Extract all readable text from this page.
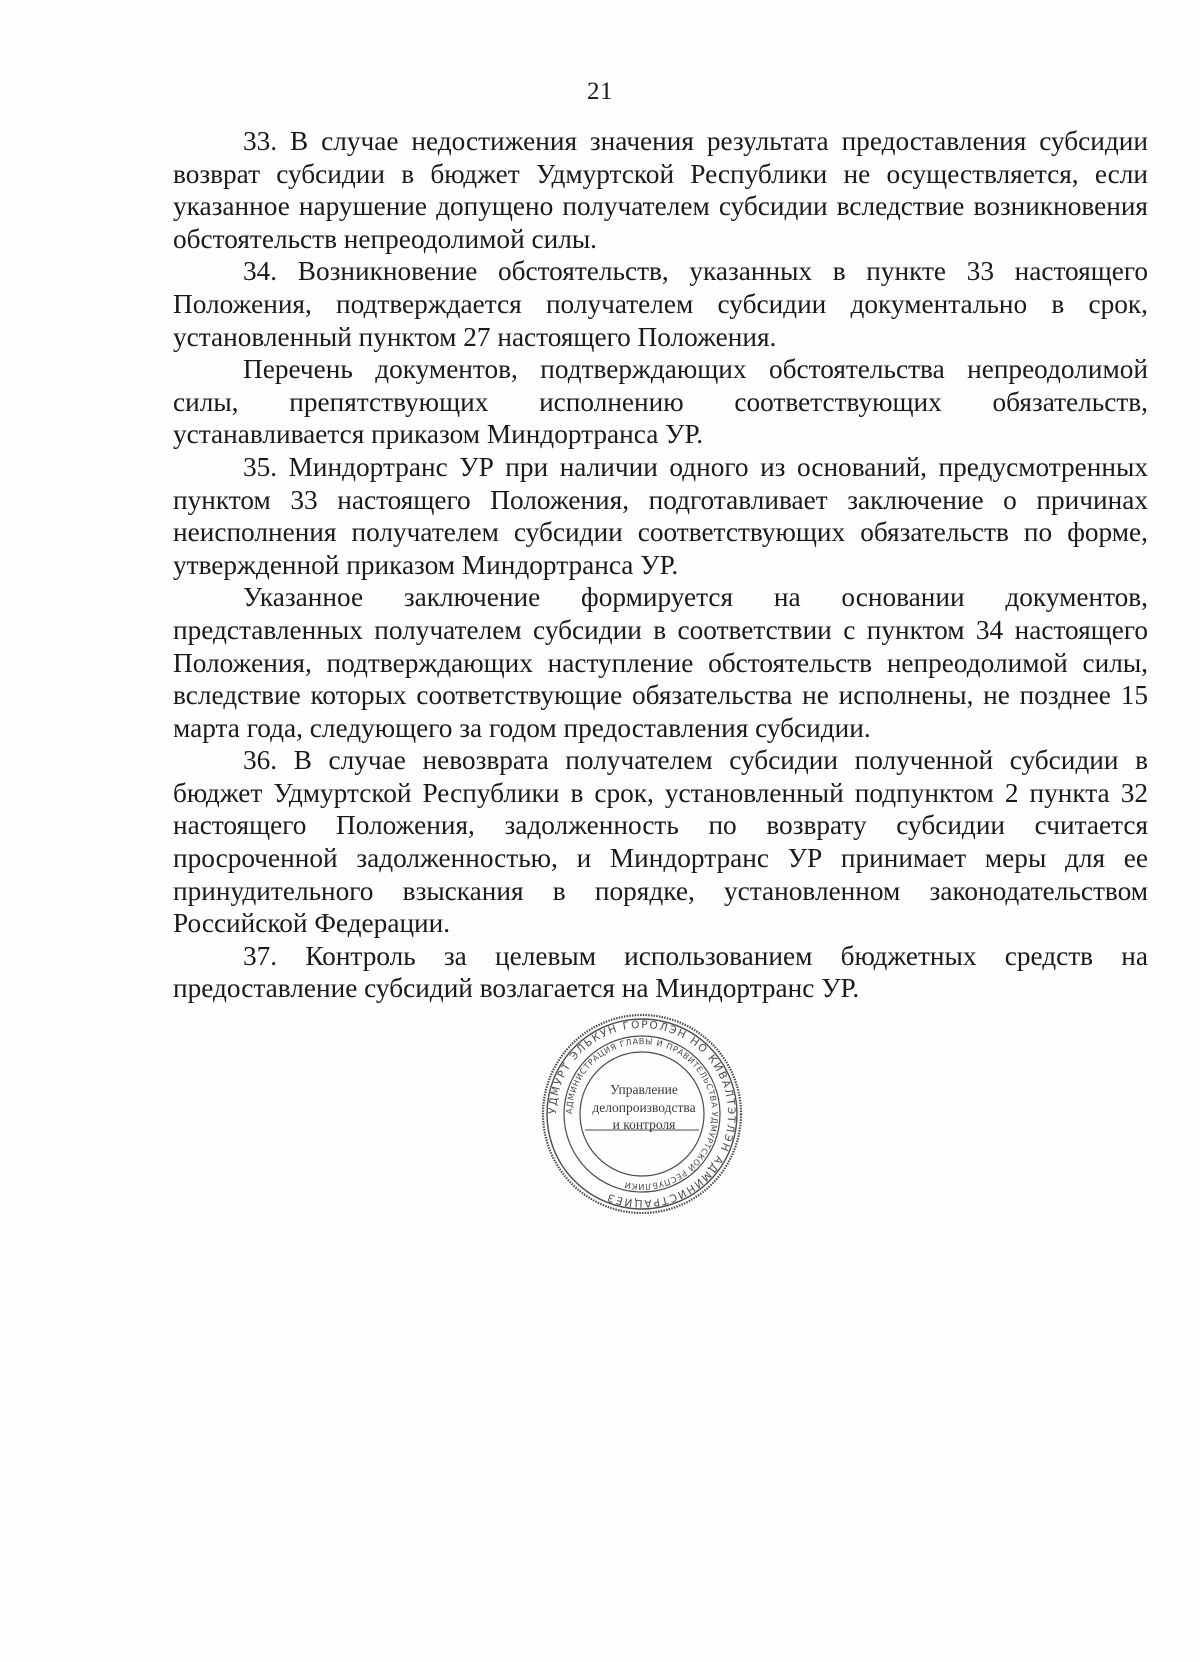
21

33. В случае недостижения значения результата предоставления субсидии возврат субсидии в бюджет Удмуртской Республики не осуществляется, если указанное нарушение допущено получателем субсидии вследствие возникновения обстоятельств непреодолимой силы.

34. Возникновение обстоятельств, указанных в пункте 33 настоящего Положения, подтверждается получателем субсидии документально в срок, установленный пунктом 27 настоящего Положения.

Перечень документов, подтверждающих обстоятельства непреодолимой силы, препятствующих исполнению соответствующих обязательств, устанавливается приказом Миндортранса УР.

35. Миндортранс УР при наличии одного из оснований, предусмотренных пунктом 33 настоящего Положения, подготавливает заключение о причинах неисполнения получателем субсидии соответствующих обязательств по форме, утвержденной приказом Миндортранса УР.

Указанное заключение формируется на основании документов, представленных получателем субсидии в соответствии с пунктом 34 настоящего Положения, подтверждающих наступление обстоятельств непреодолимой силы, вследствие которых соответствующие обязательства не исполнены, не позднее 15 марта года, следующего за годом предоставления субсидии.

36. В случае невозврата получателем субсидии полученной субсидии в бюджет Удмуртской Республики в срок, установленный подпунктом 2 пункта 32 настоящего Положения, задолженность по возврату субсидии считается просроченной задолженностью, и Миндортранс УР принимает меры для ее принудительного взыскания в порядке, установленном законодательством Российской Федерации.

37. Контроль за целевым использованием бюджетных средств на предоставление субсидий возлагается на Миндортранс УР.

УДМУРТ ЭЛЬКУН ГОРОЛЭН НО КИВАЛТЭТЛЭН АДМИНИСТРАЦИЕЗ
АДМИНИСТРАЦИЯ ГЛАВЫ И ПРАВИТЕЛЬСТВА УДМУРТСКОЙ РЕСПУБЛИКИ
Управление
делопроизводства
и контроля
